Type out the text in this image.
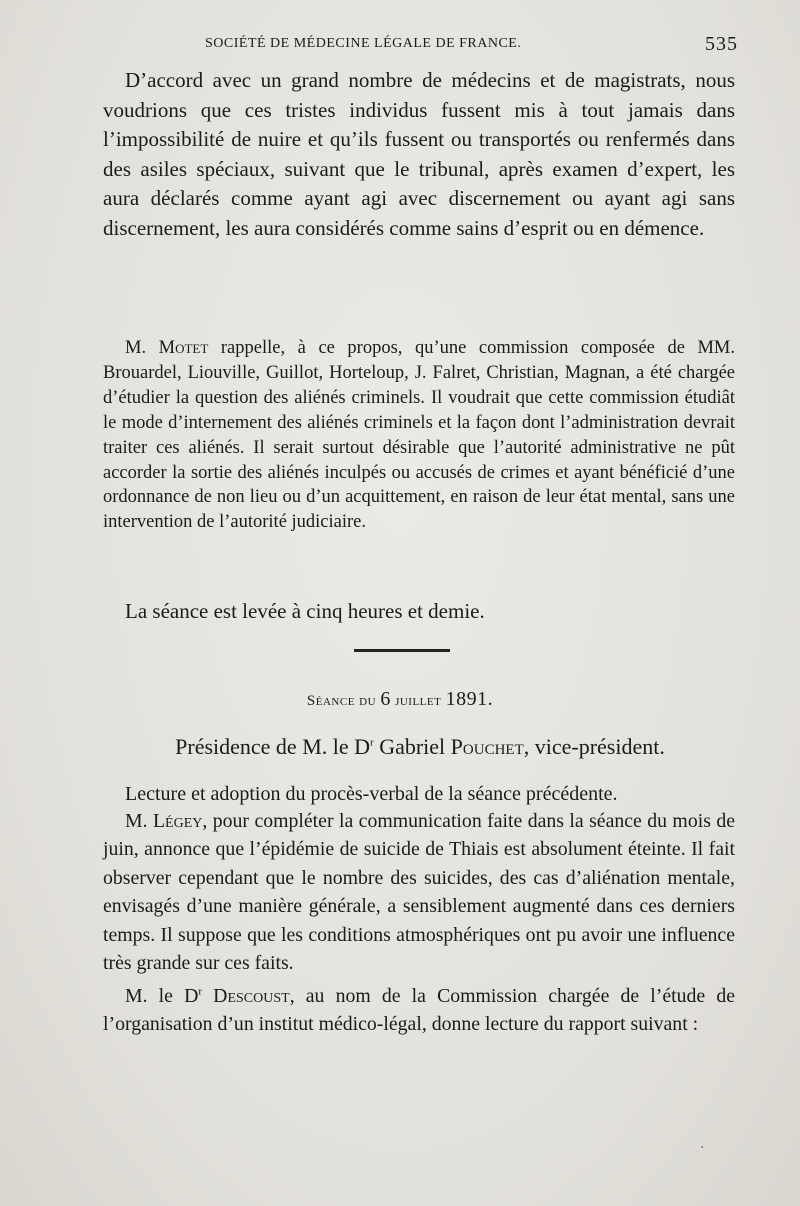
SOCIÉTÉ DE MÉDECINE LÉGALE DE FRANCE.	535

D’accord avec un grand nombre de médecins et de magistrats, nous voudrions que ces tristes individus fussent mis à tout jamais dans l’impossibilité de nuire et qu’ils fussent ou transportés ou renfermés dans des asiles spéciaux, suivant que le tribunal, après examen d’expert, les aura déclarés comme ayant agi avec discernement ou ayant agi sans discernement, les aura considérés comme sains d’esprit ou en démence.

M. Motet rappelle, à ce propos, qu’une commission composée de MM. Brouardel, Liouville, Guillot, Horteloup, J. Falret, Christian, Magnan, a été chargée d’étudier la question des aliénés criminels. Il voudrait que cette commission étudiât le mode d’internement des aliénés criminels et la façon dont l’administration devrait traiter ces aliénés. Il serait surtout désirable que l’autorité administrative ne pût accorder la sortie des aliénés inculpés ou accusés de crimes et ayant bénéficié d’une ordonnance de non lieu ou d’un acquittement, en raison de leur état mental, sans une intervention de l’autorité judiciaire.

La séance est levée à cinq heures et demie.

Séance du 6 juillet 1891.
Présidence de M. le $D^r$ Gabriel Pouchet, vice-président.

Lecture et adoption du procès-verbal de la séance précédente.

M. Légey, pour compléter la communication faite dans la séance du mois de juin, annonce que l’épidémie de suicide de Thiais est absolument éteinte. Il fait observer cependant que le nombre des suicides, des cas d’aliénation mentale, envisagés d’une manière générale, a sensiblement augmenté dans ces derniers temps. Il suppose que les conditions atmosphériques ont pu avoir une influence très grande sur ces faits.

M. le $D^r$ Descoust, au nom de la Commission chargée de l’étude de l’organisation d’un institut médico-légal, donne lecture du rapport suivant :

·
